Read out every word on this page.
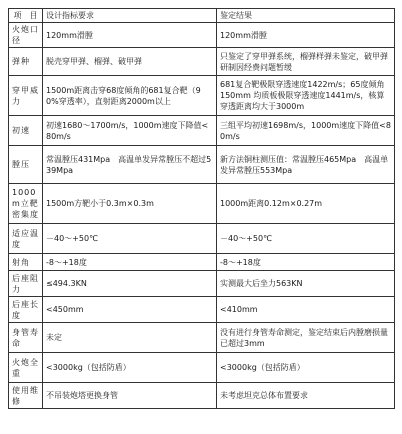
项　目	设计指标要求	鉴定结果
火炮口径	120mm滑膛	120mm滑膛
弹种	脱壳穿甲弹、榴弹、破甲弹	只鉴定了穿甲弹系统，榴弹样弹未鉴定，破甲弹研制因经费问题暂缓
穿甲威力	1500m距离击穿68度倾角的681复合靶（90%穿透率），直射距离2000m以上	681复合靶极限穿透速度1422m/s；65度倾角 150mm 均质板极限穿透速度1441m/s，核算穿透距离均大于3000m
初速	初速1680～1700m/s，1000m速度下降值<80m/s	三组平均初速1698m/s，1000m速度下降值<80m/s
膛压	常温膛压431Mpa　高温单发异常膛压不超过539Mpa	新方法铜柱测压值：常温膛压465Mpa　高温单发异常膛压553Mpa
1000m立靶密集度	1500m方靶小于0.3m×0.3m	1000m距离0.12m×0.27m
适应温度	－40～+50℃	－40～+50℃
射角	-8～+18度	-8～+18度
后座阻力	≤494.3KN	实测最大后坐力563KN
后座长度	<450mm	<410mm
身管寿命	未定	没有进行身管寿命测定，鉴定结束后内膛磨损量已超过3mm
火炮全重	<3000kg（包括防盾）	<3000kg（包括防盾）
使用维修	不吊装炮塔更换身管	未考虑坦克总体布置要求
